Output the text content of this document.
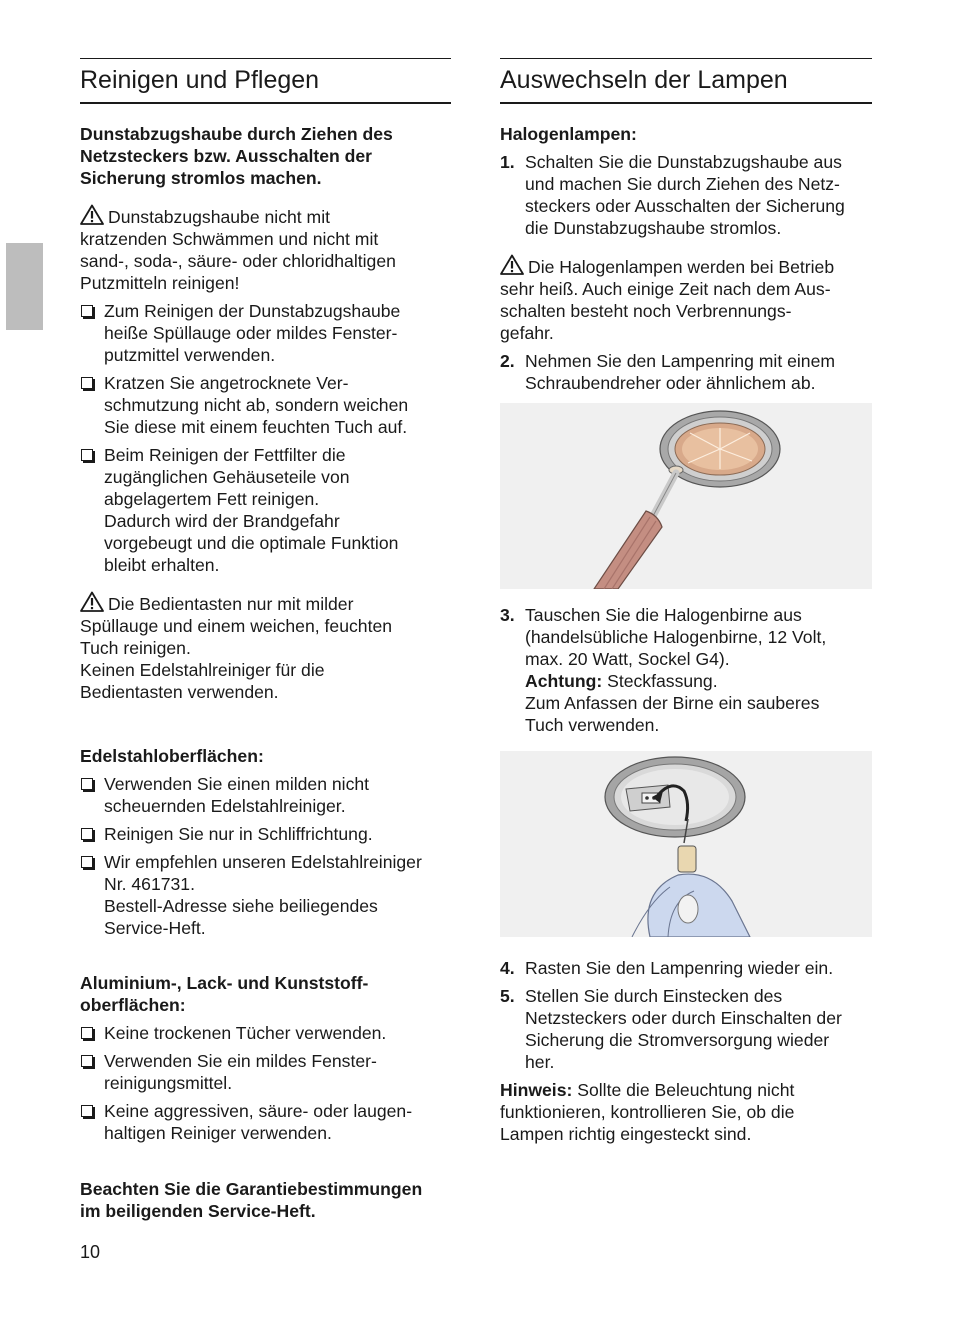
Reinigen und Pflegen
Dunstabzugshaube durch Ziehen des
Netzsteckers bzw. Ausschalten der
Sicherung stromlos machen.
Dunstabzugshaube nicht mit
kratzenden Schwämmen und nicht mit
sand-, soda-, säure- oder chloridhaltigen
Putzmitteln reinigen!
Zum Reinigen der Dunstabzugshaube
heiße Spüllauge oder mildes Fenster-
putzmittel verwenden.
Kratzen Sie angetrocknete Ver-
schmutzung nicht ab, sondern weichen
Sie diese mit einem feuchten Tuch auf.
Beim Reinigen der Fettfilter die
zugänglichen Gehäuseteile von
abgelagertem Fett reinigen.
Dadurch wird der Brandgefahr
vorgebeugt und die optimale Funktion
bleibt erhalten.
Die Bedientasten nur mit milder
Spüllauge und einem weichen, feuchten
Tuch reinigen.
Keinen Edelstahlreiniger für die
Bedientasten verwenden.

Edelstahloberflächen:

Verwenden Sie einen milden nicht
scheuernden Edelstahlreiniger.
Reinigen Sie nur in Schliffrichtung.
Wir empfehlen unseren Edelstahlreiniger
Nr. 461731.
Bestell-Adresse siehe beiliegendes
Service-Heft.
Aluminium-, Lack- und Kunststoff-
oberflächen:
Keine trockenen Tücher verwenden.
Verwenden Sie ein mildes Fenster-
reinigungsmittel.
Keine aggressiven, säure- oder laugen-
haltigen Reiniger verwenden.
Beachten Sie die Garantiebestimmungen
im beiligenden Service-Heft.
Auswechseln der Lampen

Halogenlampen:

1. Schalten Sie die Dunstabzugshaube aus
und machen Sie durch Ziehen des Netz-
steckers oder Ausschalten der Sicherung
die Dunstabzugshaube stromlos.
Die Halogenlampen werden bei Betrieb
sehr heiß. Auch einige Zeit nach dem Aus-
schalten besteht noch Verbrennungs-
gefahr.
2. Nehmen Sie den Lampenring mit einem
Schraubendreher oder ähnlichem ab.
3. Tauschen Sie die Halogenbirne aus
(handelsübliche Halogenbirne, 12 Volt,
max. 20 Watt, Sockel G4).
Achtung: Steckfassung.
Zum Anfassen der Birne ein sauberes
Tuch verwenden.
4. Rasten Sie den Lampenring wieder ein.
5. Stellen Sie durch Einstecken des
Netzsteckers oder durch Einschalten der
Sicherung die Stromversorgung wieder
her.
Hinweis: Sollte die Beleuchtung nicht
funktionieren, kontrollieren Sie, ob die
Lampen richtig eingesteckt sind.
10
